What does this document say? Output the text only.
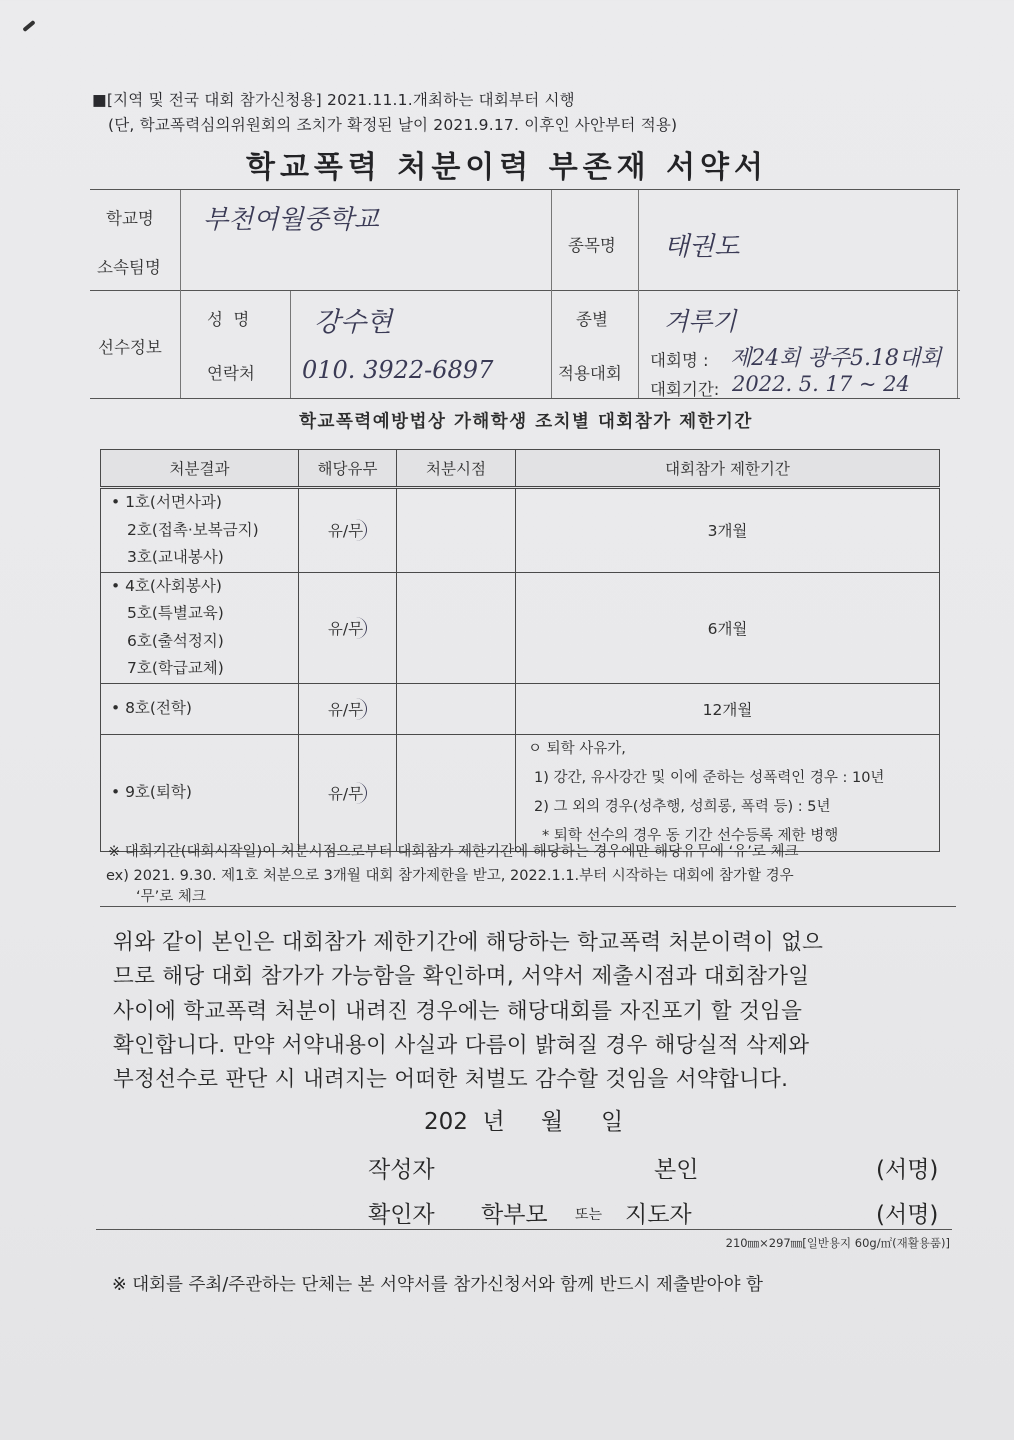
■[지역 및 전국 대회 참가신청용] 2021.11.1.개최하는 대회부터 시행
(단, 학교폭력심의위원회의 조치가 확정된 날이 2021.9.17. 이후인 사안부터 적용)
학교폭력 처분이력 부존재 서약서
학교명 부천여월중학교
소속팀명
종목명 태권도
선수정보
성  명 강수현	종별 겨루기
연락처 010. 3922-6897	적용대회
대회명 : 제24회 광주5.18대회
대회기간: 2022. 5. 17 ~ 24
학교폭력예방법상 가해학생 조치별 대회참가 제한기간
처분결과	해당유무	처분시점	대회참가 제한기간

• 1호(서면사과)
2호(접촉·보복금지)
3호(교내봉사)	유/무		3개월

• 4호(사회봉사)
5호(특별교육)
6호(출석정지)
7호(학급교체)	유/무		6개월

• 8호(전학)	유/무		12개월

• 9호(퇴학)	유/무		ㅇ 퇴학 사유가,
1) 강간, 유사강간 및 이에 준하는 성폭력인 경우 : 10년
2) 그 외의 경우(성추행, 성희롱, 폭력 등) : 5년
* 퇴학 선수의 경우 동 기간 선수등록 제한 병행
※ 대회기간(대회시작일)이 처분시점으로부터 대회참가 제한기간에 해당하는 경우에만 해당유무에 ‘유’로 체크
ex) 2021. 9.30. 제1호 처분으로 3개월 대회 참가제한을 받고, 2022.1.1.부터 시작하는 대회에 참가할 경우
‘무’로 체크
위와 같이 본인은 대회참가 제한기간에 해당하는 학교폭력 처분이력이 없으
므로 해당 대회 참가가 가능함을 확인하며, 서약서 제출시점과 대회참가일
사이에 학교폭력 처분이 내려진 경우에는 해당대회를 자진포기 할 것임을
확인합니다. 만약 서약내용이 사실과 다름이 밝혀질 경우 해당실적 삭제와
부정선수로 판단 시 내려지는 어떠한 처벌도 감수할 것임을 서약합니다.
202  년 월 일
작성자	본인	(서명)
확인자 학부모 또는 지도자	(서명)
210㎜×297㎜[일반용지 60g/㎡(재활용품)]
※ 대회를 주최/주관하는 단체는 본 서약서를 참가신청서와 함께 반드시 제출받아야 함
